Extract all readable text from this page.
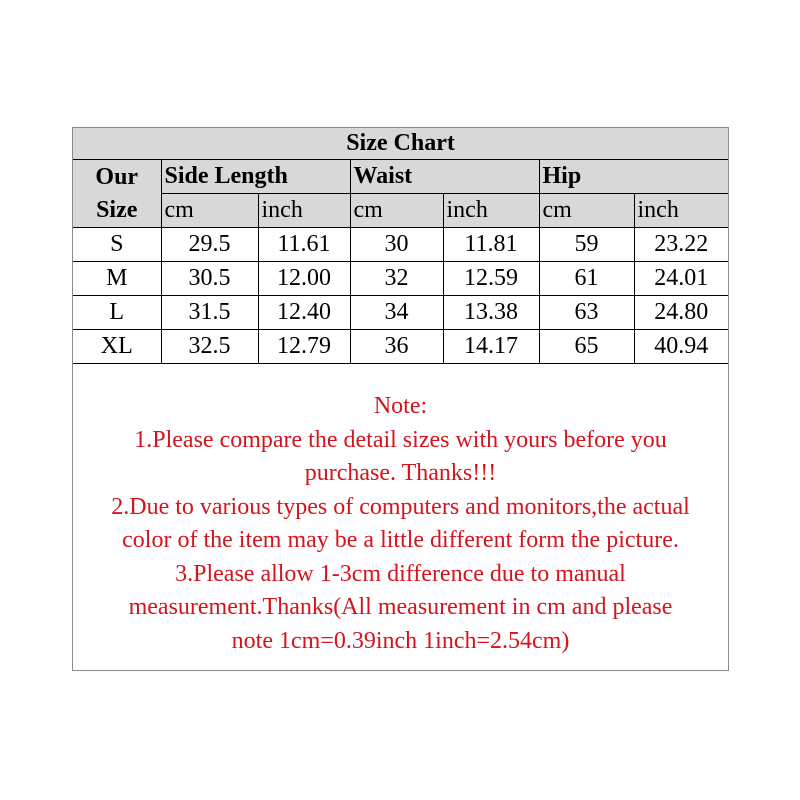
Size Chart						

Our
Size	Side Length		Waist		Hip	
	cm	inch	cm	inch	cm	inch
S	29.5	11.61	30	11.81	59	23.22
M	30.5	12.00	32	12.59	61	24.01
L	31.5	12.40	34	13.38	63	24.80
XL	32.5	12.79	36	14.17	65	40.94
Note:
1.Please compare the detail sizes with yours before you
purchase. Thanks!!!
2.Due to various types of computers and monitors,the actual
color of the item may be a little different form the picture.
3.Please allow 1-3cm difference due to manual
measurement.Thanks(All measurement in cm and please
note 1cm=0.39inch 1inch=2.54cm)
